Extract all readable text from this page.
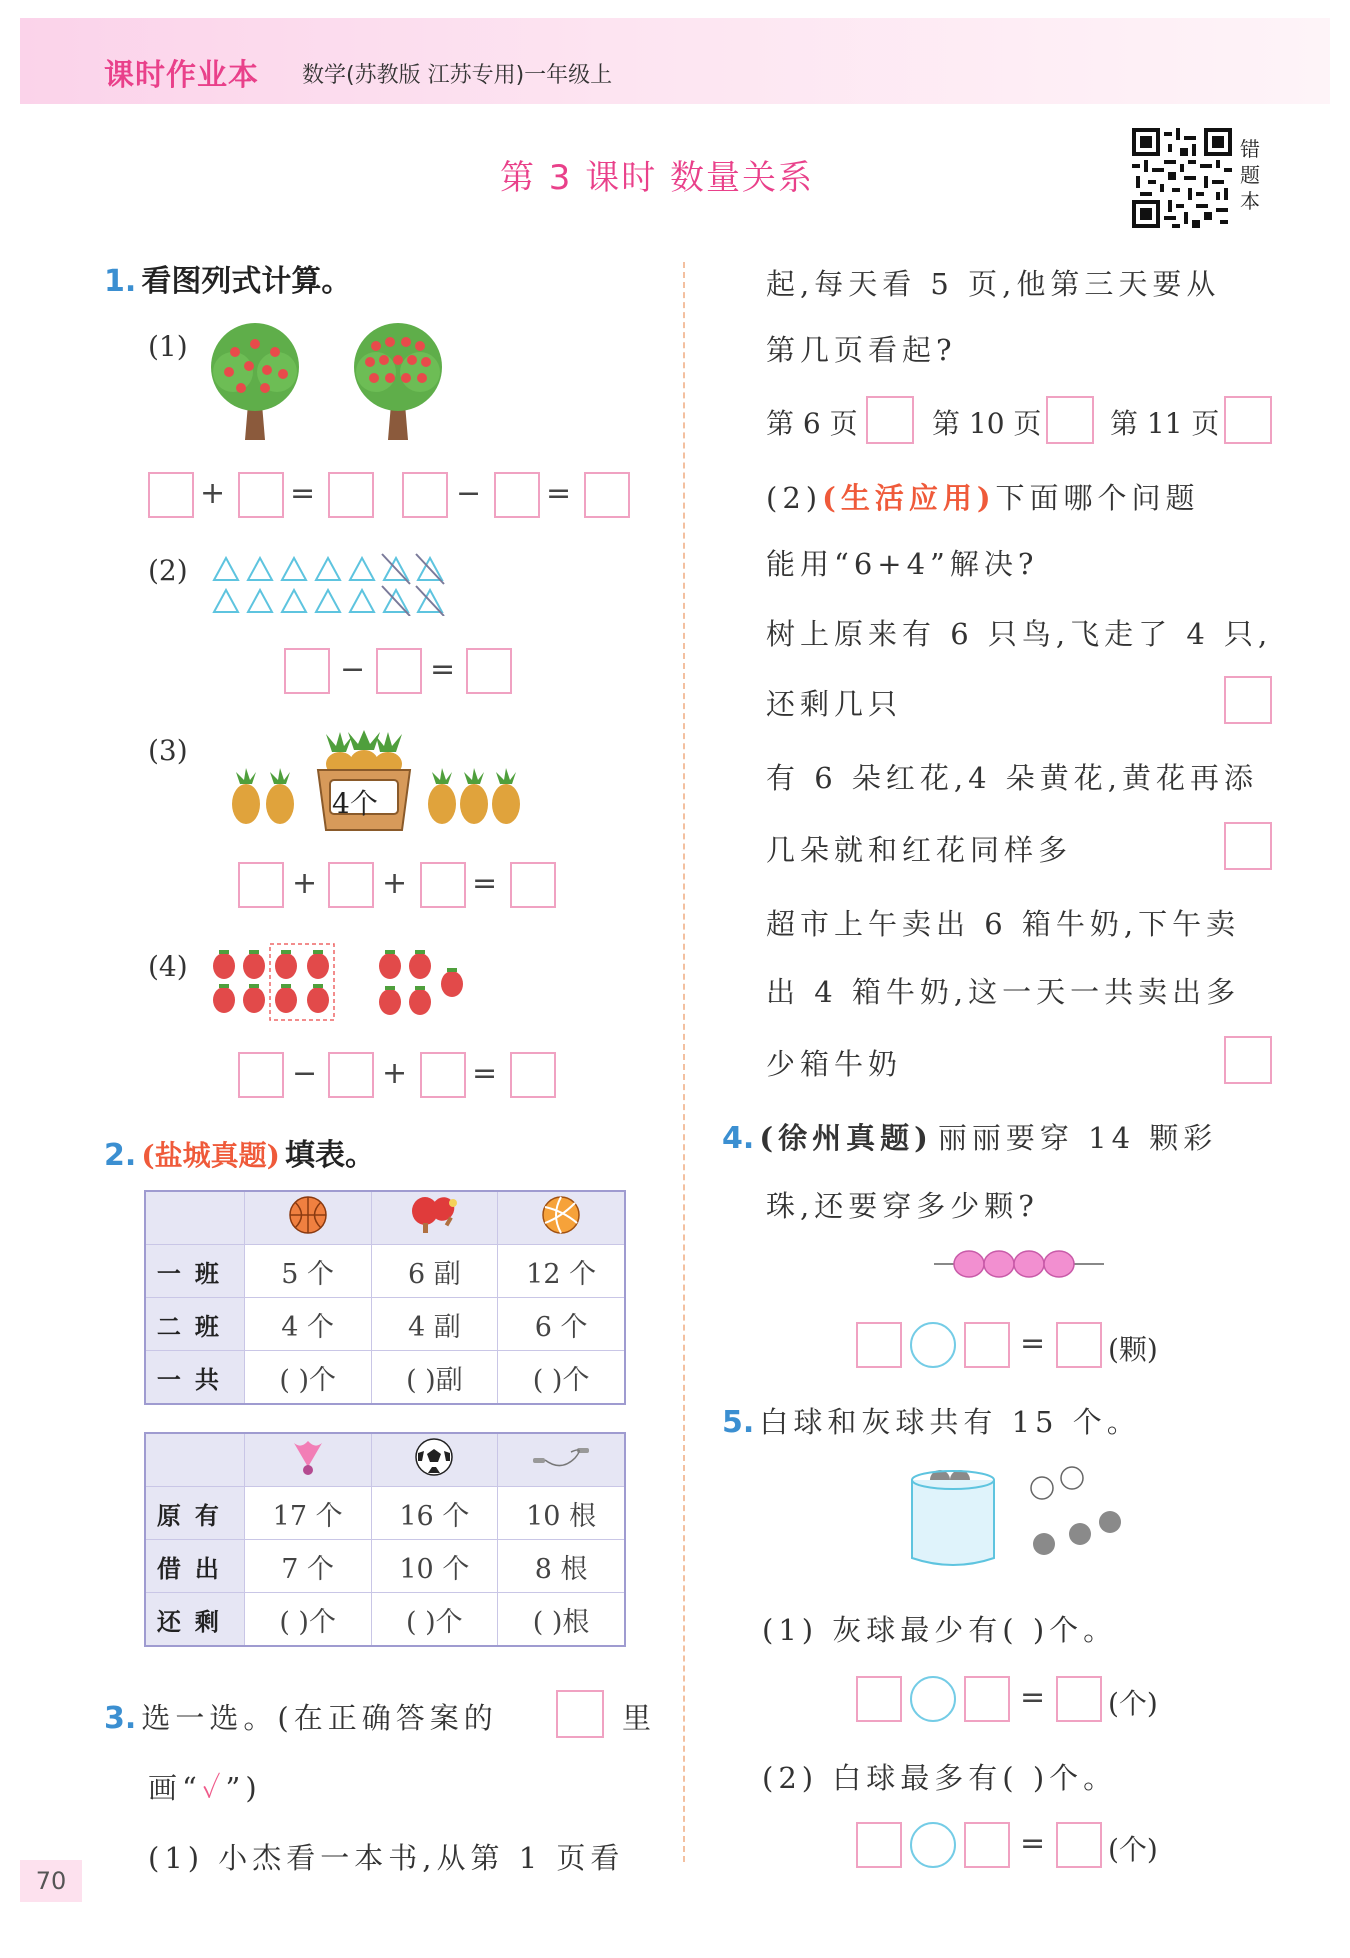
课时作业本 数学(苏教版 江苏专用)一年级上
第 3 课时 数量关系
错题本
1. 看图列式计算。
(1)
+ =	− =
(2)
− =
(3)
4个
+ + =
(4)
− + =
2. (盐城真题) 填表。

一班	5 个	6 副	12 个
二班	4 个	4 副	6 个
一共	( )个	( )副	( )个

原有	17 个	16 个	10 根
借出	7 个	10 个	8 根
还剩	( )个	( )个	( )根
3. 选一选。(在正确答案的	里
画“✓”)
(1) 小杰看一本书,从第 1 页看
70
起,每天看 5 页,他第三天要从
第几页看起?
第 6 页	第 10 页 第 11 页
(2)(生活应用)下面哪个问题
能用“6+4”解决?
树上原来有 6 只鸟,飞走了 4 只,
还剩几只
有 6 朵红花,4 朵黄花,黄花再添
几朵就和红花同样多
超市上午卖出 6 箱牛奶,下午卖
出 4 箱牛奶,这一天一共卖出多
少箱牛奶
4. (徐州真题) 丽丽要穿 14 颗彩
珠,还要穿多少颗?
= (颗)
5. 白球和灰球共有 15 个。
(1) 灰球最少有( )个。
= (个)
(2) 白球最多有( )个。
= (个)
